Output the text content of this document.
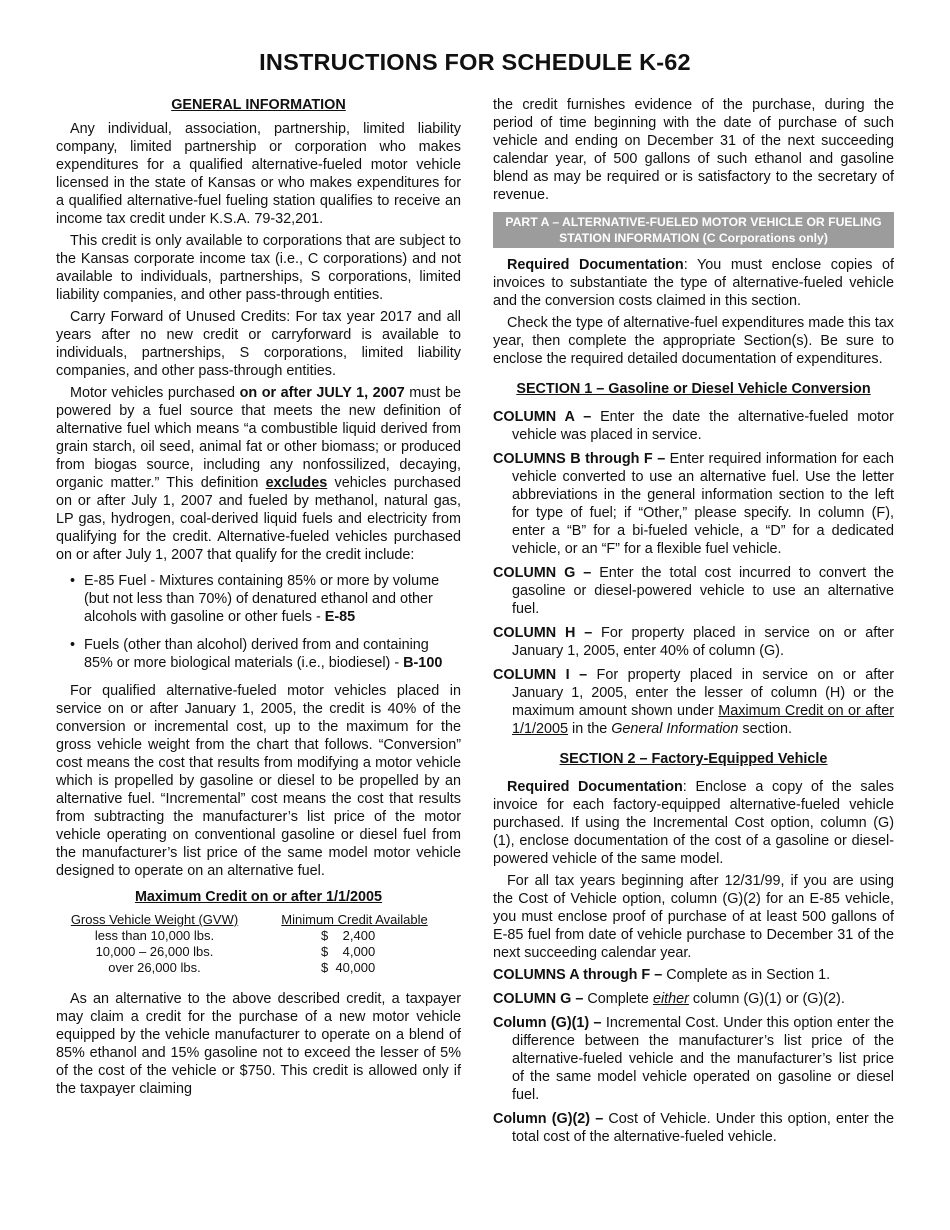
INSTRUCTIONS FOR SCHEDULE K-62
GENERAL INFORMATION

Any individual, association, partnership, limited liability company, limited partnership or corporation who makes expenditures for a qualified alternative-fueled motor vehicle licensed in the state of Kansas or who makes expenditures for a qualified alternative-fuel fueling station qualifies to receive an income tax credit under K.S.A. 79-32,201.

This credit is only available to corporations that are subject to the Kansas corporate income tax (i.e., C corporations) and not available to individuals, partnerships, S corporations, limited liability companies, and other pass-through entities.

Carry Forward of Unused Credits: For tax year 2017 and all years after no new credit or carryforward is available to individuals, partnerships, S corporations, limited liability companies, and other pass-through entities.

Motor vehicles purchased on or after JULY 1, 2007 must be powered by a fuel source that meets the new definition of alternative fuel which means “a combustible liquid derived from grain starch, oil seed, animal fat or other biomass; or produced from biogas source, including any nonfossilized, decaying, organic matter.” This definition excludes vehicles purchased on or after July 1, 2007 and fueled by methanol, natural gas, LP gas, hydrogen, coal-derived liquid fuels and electricity from qualifying for the credit. Alternative-fueled vehicles purchased on or after July 1, 2007 that qualify for the credit include:

• E-85 Fuel - Mixtures containing 85% or more by volume (but not less than 70%) of denatured ethanol and other alcohols with gasoline or other fuels - E-85
• Fuels (other than alcohol) derived from and containing 85% or more biological materials (i.e., biodiesel) - B-100

For qualified alternative-fueled motor vehicles placed in service on or after January 1, 2005, the credit is 40% of the conversion or incremental cost, up to the maximum for the gross vehicle weight from the chart that follows. “Conversion” cost means the cost that results from modifying a motor vehicle which is propelled by gasoline or diesel to be propelled by an alternative fuel. “Incremental” cost means the cost that results from subtracting the manufacturer’s list price of the motor vehicle operating on conventional gasoline or diesel fuel from the manufacturer’s list price of the same model motor vehicle designed to operate on an alternative fuel.

Maximum Credit on or after 1/1/2005
Gross Vehicle Weight (GVW)	Minimum Credit Available
less than 10,000 lbs.	$    2,400
10,000 – 26,000 lbs.	$    4,000
over 26,000 lbs.	$  40,000

As an alternative to the above described credit, a taxpayer may claim a credit for the purchase of a new motor vehicle equipped by the vehicle manufacturer to operate on a blend of 85% ethanol and 15% gasoline not to exceed the lesser of 5% of the cost of the vehicle or $750. This credit is allowed only if the taxpayer claiming

the credit furnishes evidence of the purchase, during the period of time beginning with the date of purchase of such vehicle and ending on December 31 of the next succeeding calendar year, of 500 gallons of such ethanol and gasoline blend as may be required or is satisfactory to the secretary of revenue.

PART A – ALTERNATIVE-FUELED MOTOR VEHICLE OR FUELING
STATION INFORMATION (C Corporations only)

Required Documentation: You must enclose copies of invoices to substantiate the type of alternative-fueled vehicle and the conversion costs claimed in this section.

Check the type of alternative-fuel expenditures made this tax year, then complete the appropriate Section(s). Be sure to enclose the required detailed documentation of expenditures.

SECTION 1 – Gasoline or Diesel Vehicle Conversion

COLUMN A – Enter the date the alternative-fueled motor vehicle was placed in service.

COLUMNS B through F – Enter required information for each vehicle converted to use an alternative fuel. Use the letter abbreviations in the general information section to the left for type of fuel; if “Other,” please specify. In column (F), enter a “B” for a bi-fueled vehicle, a “D” for a dedicated vehicle, or an “F” for a flexible fuel vehicle.

COLUMN G – Enter the total cost incurred to convert the gasoline or diesel-powered vehicle to use an alternative fuel.

COLUMN H – For property placed in service on or after January 1, 2005, enter 40% of column (G).

COLUMN I – For property placed in service on or after January 1, 2005, enter the lesser of column (H) or the maximum amount shown under Maximum Credit on or after 1/1/2005 in the General Information section.

SECTION 2 – Factory-Equipped Vehicle

Required Documentation: Enclose a copy of the sales invoice for each factory-equipped alternative-fueled vehicle purchased. If using the Incremental Cost option, column (G)(1), enclose documentation of the cost of a gasoline or diesel-powered vehicle of the same model.

For all tax years beginning after 12/31/99, if you are using the Cost of Vehicle option, column (G)(2) for an E-85 vehicle, you must enclose proof of purchase of at least 500 gallons of E-85 fuel from date of vehicle purchase to December 31 of the next succeeding calendar year.

COLUMNS A through F – Complete as in Section 1.

COLUMN G – Complete either column (G)(1) or (G)(2).

Column (G)(1) – Incremental Cost. Under this option enter the difference between the manufacturer’s list price of the alternative-fueled vehicle and the manufacturer’s list price of the same model vehicle operated on gasoline or diesel fuel.

Column (G)(2) – Cost of Vehicle. Under this option, enter the total cost of the alternative-fueled vehicle.
